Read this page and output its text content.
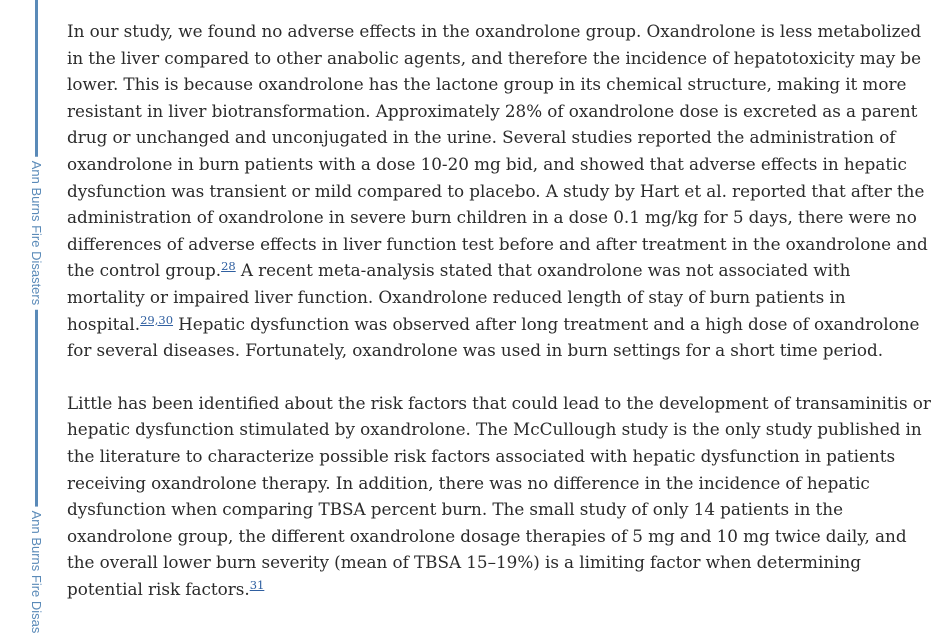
Ann Burns Fire Disasters
Ann Burns Fire Disas

In our study, we found no adverse effects in the oxandrolone group. Oxandrolone is less metabolized in the liver compared to other anabolic agents, and therefore the incidence of hepatotoxicity may be lower. This is because oxandrolone has the lactone group in its chemical structure, making it more resistant in liver biotransformation. Approximately 28% of oxandrolone dose is excreted as a parent drug or unchanged and unconjugated in the urine. Several studies reported the administration of oxandrolone in burn patients with a dose 10-20 mg bid, and showed that adverse effects in hepatic dysfunction was transient or mild compared to placebo. A study by Hart et al. reported that after the administration of oxandrolone in severe burn children in a dose 0.1 mg/kg for 5 days, there were no differences of adverse effects in liver function test before and after treatment in the oxandrolone and the control group.$^{28}$ A recent meta-analysis stated that oxandrolone was not associated with mortality or impaired liver function. Oxandrolone reduced length of stay of burn patients in hospital.$^{29,30}$ Hepatic dysfunction was observed after long treatment and a high dose of oxandrolone for several diseases. Fortunately, oxandrolone was used in burn settings for a short time period.

Little has been identified about the risk factors that could lead to the development of transaminitis or hepatic dysfunction stimulated by oxandrolone. The McCullough study is the only study published in the literature to characterize possible risk factors associated with hepatic dysfunction in patients receiving oxandrolone therapy. In addition, there was no difference in the incidence of hepatic dysfunction when comparing TBSA percent burn. The small study of only 14 patients in the oxandrolone group, the different oxandrolone dosage therapies of 5 mg and 10 mg twice daily, and the overall lower burn severity (mean of TBSA 15–19%) is a limiting factor when determining potential risk factors.$^{31}$
